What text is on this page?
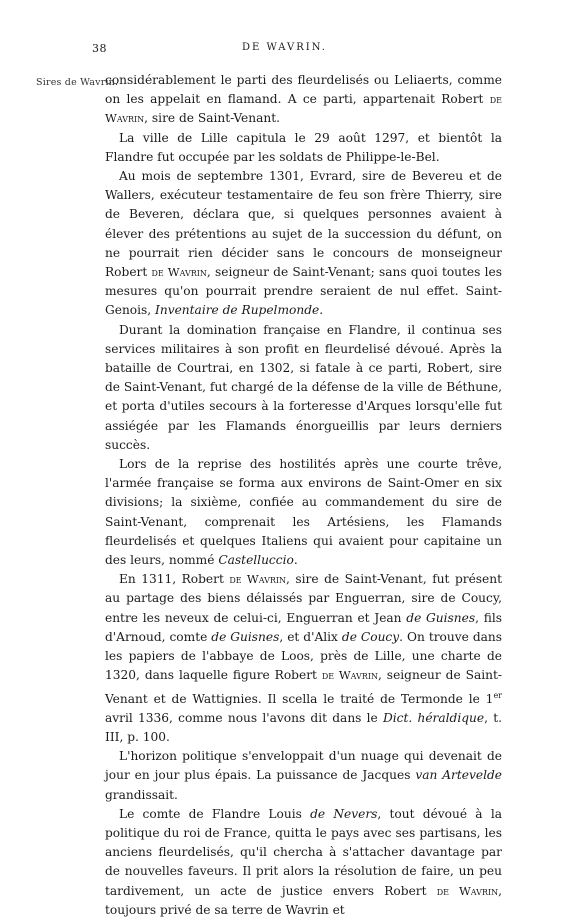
38	DE WAVRIN.
Sires de Wavrin.

considérablement le parti des fleurdelisés ou Leliaerts, comme on les appelait en flamand. A ce parti, appartenait Robert de Wavrin, sire de Saint-Venant.

La ville de Lille capitula le 29 août 1297, et bientôt la Flandre fut occupée par les soldats de Philippe-le-Bel.

Au mois de septembre 1301, Evrard, sire de Bevereu et de Wallers, exécuteur testamentaire de feu son frère Thierry, sire de Beveren, déclara que, si quelques personnes avaient à élever des prétentions au sujet de la succession du défunt, on ne pourrait rien décider sans le concours de monseigneur Robert de Wavrin, seigneur de Saint-Venant; sans quoi toutes les mesures qu'on pourrait prendre seraient de nul effet. Saint-Genois, Inventaire de Rupelmonde.

Durant la domination française en Flandre, il continua ses services militaires à son profit en fleurdelisé dévoué. Après la bataille de Courtrai, en 1302, si fatale à ce parti, Robert, sire de Saint-Venant, fut chargé de la défense de la ville de Béthune, et porta d'utiles secours à la forteresse d'Arques lorsqu'elle fut assiégée par les Flamands énorgueillis par leurs derniers succès.

Lors de la reprise des hostilités après une courte trêve, l'armée française se forma aux environs de Saint-Omer en six divisions; la sixième, confiée au commandement du sire de Saint-Venant, comprenait les Artésiens, les Flamands fleurdelisés et quelques Italiens qui avaient pour capitaine un des leurs, nommé Castelluccio.

En 1311, Robert de Wavrin, sire de Saint-Venant, fut présent au partage des biens délaissés par Enguerran, sire de Coucy, entre les neveux de celui-ci, Enguerran et Jean de Guisnes, fils d'Arnoud, comte de Guisnes, et d'Alix de Coucy. On trouve dans les papiers de l'abbaye de Loos, près de Lille, une charte de 1320, dans laquelle figure Robert de Wavrin, seigneur de Saint-Venant et de Wattignies. Il scella le traité de Termonde le 1er avril 1336, comme nous l'avons dit dans le Dict. héraldique, t. III, p. 100.

L'horizon politique s'enveloppait d'un nuage qui devenait de jour en jour plus épais. La puissance de Jacques van Artevelde grandissait.

Le comte de Flandre Louis de Nevers, tout dévoué à la politique du roi de France, quitta le pays avec ses partisans, les anciens fleurdelisés, qu'il chercha à s'attacher davantage par de nouvelles faveurs. Il prit alors la résolution de faire, un peu tardivement, un acte de justice envers Robert de Wavrin, toujours privé de sa terre de Wavrin et
